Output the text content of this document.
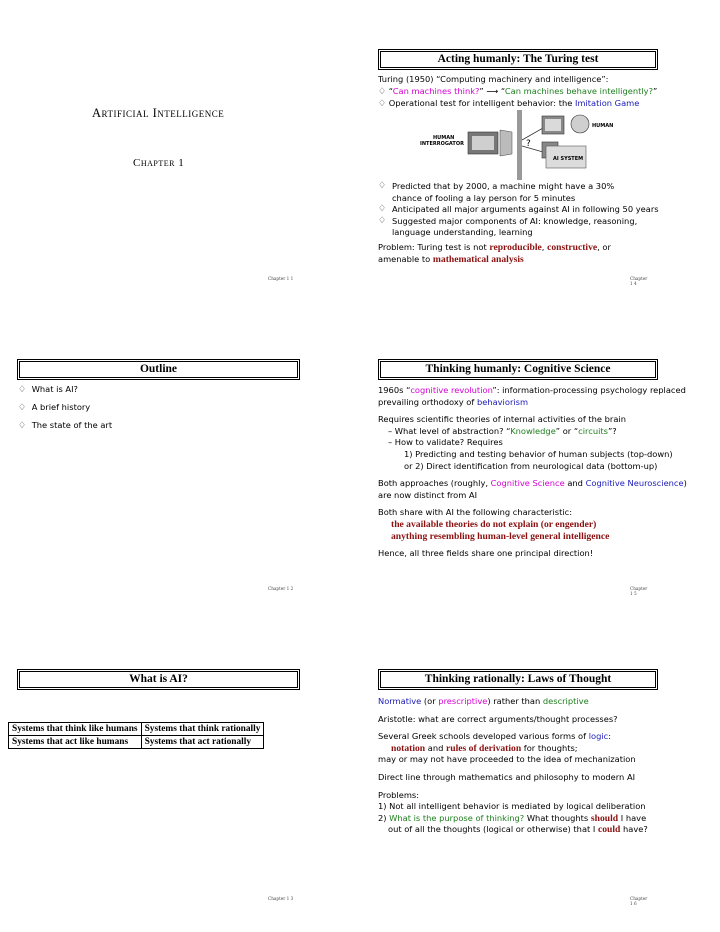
Artificial Intelligence
Chapter 1
Chapter 1 1
Outline
♢ What is AI?
♢ A brief history
♢ The state of the art
Chapter 1 2
What is AI?
Systems that think like humans	Systems that think rationally
Systems that act like humans	Systems that act rationally
Chapter 1 3
Acting humanly: The Turing test
Turing (1950) “Computing machinery and intelligence”:
♢ “Can machines think?” ⟶ “Can machines behave intelligently?”
♢ Operational test for intelligent behavior: the Imitation Game
?
HUMAN
HUMAN
INTERROGATOR
AI SYSTEM
♢ Predicted that by 2000, a machine might have a 30% chance of fooling a lay person for 5 minutes
♢ Anticipated all major arguments against AI in following 50 years
♢ Suggested major components of AI: knowledge, reasoning, language understanding, learning
Problem: Turing test is not reproducible, constructive, or
amenable to mathematical analysis
Chapter 1 4
Thinking humanly: Cognitive Science
1960s “cognitive revolution”: information-processing psychology replaced
prevailing orthodoxy of behaviorism
Requires scientific theories of internal activities of the brain
– What level of abstraction? “Knowledge” or “circuits”?
– How to validate? Requires
1) Predicting and testing behavior of human subjects (top-down)
or 2) Direct identification from neurological data (bottom-up)
Both approaches (roughly, Cognitive Science and Cognitive Neuroscience)
are now distinct from AI
Both share with AI the following characteristic:
the available theories do not explain (or engender)
anything resembling human-level general intelligence
Hence, all three fields share one principal direction!
Chapter 1 5
Thinking rationally: Laws of Thought
Normative (or prescriptive) rather than descriptive
Aristotle: what are correct arguments/thought processes?
Several Greek schools developed various forms of logic:
notation and rules of derivation for thoughts;
may or may not have proceeded to the idea of mechanization
Direct line through mathematics and philosophy to modern AI
Problems:
1) Not all intelligent behavior is mediated by logical deliberation
2) What is the purpose of thinking? What thoughts should I have
out of all the thoughts (logical or otherwise) that I could have?
Chapter 1 6
